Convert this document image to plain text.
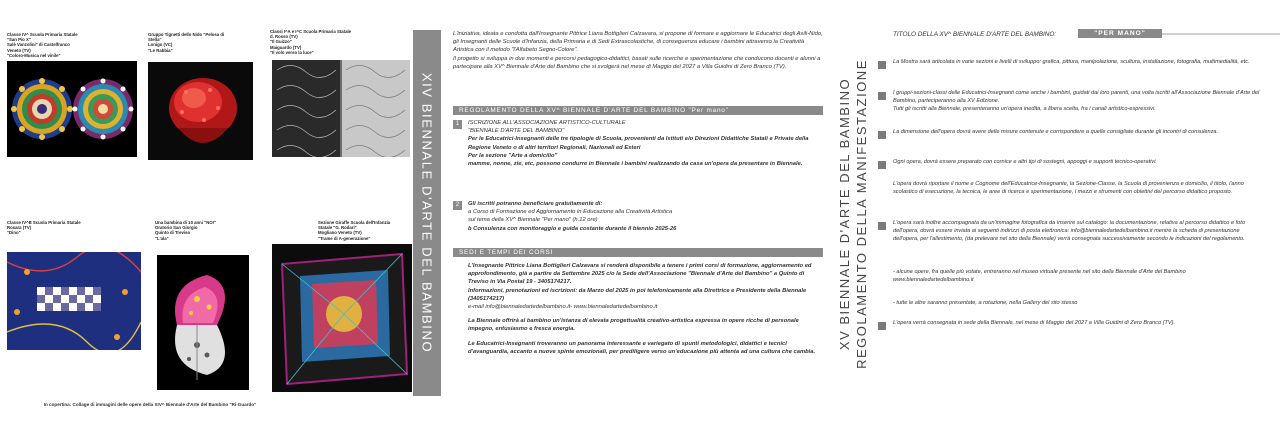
Classe IV^ Scuola Primaria Statale
"San Pio X"
Salè Vanzolini" di Castelfranco
Veneto (TV)
"Coloro-Musica nel vinile"
Gruppo Tignetti dello Nido "Pelosa di
Stella"
Lonigo (VC)
"Le Rabbia"
Classi I^A e I^C Scuola Primaria Statale
d. Rosso (TV)
"Il Guizzo"
Maiguardo (TV)
"Il volo verso la luce"
Classe IV^B Scuola Primaria Statale
Rosara (TV)
"Dino"
Una bambina di 10 anni "NO!"
Oratorio San Giorgio
Quinto di Treviso
"L'ala"
Sezione Giraffe Scuola dell'Infanzia
Statale "G. Rodari"
Mogliano Veneto (TV)
"Trame di A-generazione"
In copertina: Collage di immagini delle opere della XIV^ Biennale d'Arte del Bambino "Ri-Guardo"
XIV BIENNALE D'ARTE DEL BAMBINO

L'iniziativa, ideata e condotta dall'Insegnante Pittrice Liana Bottiglieri Calzavara, si propone di formare e aggiornare le Educatrici degli Asili-Nido, gli Insegnanti delle Scuole d'Infanzia, della Primaria e di Sedi Extrascolastiche, di conseguenza educare i bambini attraverso la Creatività Artistica con il metodo "l'Alfabeto Segno-Colore".

Il progetto si sviluppa in due momenti e percorsi pedagogico-didattici, basati sulle ricerche e sperimentazione che conducono docenti e alunni a partecipare alla XV^ Biennale d'Arte del Bambino che si svolgerà nel mese di Maggio del 2027 a Villa Guidini di Zero Branco (TV).

REGOLAMENTO DELLA XV^ BIENNALE D'ARTE DEL BAMBINO "Per mano"
1	ISCRIZIONE ALL'ASSOCIAZIONE ARTISTICO-CULTURALE
"BIENNALE D'ARTE DEL BAMBINO"
Per le Educatrici-Insegnanti delle tre tipologie di Scuola, provenienti da Istituti e/o Direzioni Didattiche Statali e Private della Regione Veneto o di altri territori Regionali, Nazionali ed Esteri
Per la sezione "Arte a domicilio"
mamme, nonne, zie, etc, possono condurre in Biennale i bambini realizzando da casa un'opera da presentare in Biennale.
2	Gli iscritti potranno beneficiare gratuitamente di:
a Corso di Formazione ed Aggiornamento in Educazione alla Creatività Artistica
sul tema della XV^ Biennale "Per mano" (h.12 ore)
b Consulenza con monitoraggio e guida costante durante il biennio 2025-26
SEDI E TEMPI DEI CORSI
L'Insegnante Pittrice Liana Bottiglieri Calzavara si renderà disponibile a tenere i primi corsi di formazione, aggiornamento ed approfondimento, già a partire da Settembre 2025 c/o la Sede dell'Associazione "Biennale d'Arte del Bambino" a Quinto di Treviso in Via Postal 19 - 3405174217.
Informazioni, prenotazioni ed iscrizioni: da Marzo del 2025 in poi telefonicamente alla Direttrice e Presidente della Biennale (3405174217)
e-mail info@biennaledartedelbambino.it- www.biennaledartedelbambino.it
La Biennale offrirà al bambino un'istanza di elevata progettualità creativo-artistica espressa in opere ricche di personale impegno, entusiasmo e fresca energia.
Le Educatrici-Insegnanti troveranno un panorama interessante e variegato di spunti metodologici, didattici e tecnici d'avanguardia, accanto a nuove spinte emozionali, per prediligere verso un'educazione più attenta ad una cultura che cambia.
XV BIENNALE D'ARTE DEL BAMBINO REGOLAMENTO DELLA MANIFESTAZIONE
TITOLO DELLA XV^ BIENNALE D'ARTE DEL BAMBINO:	"PER MANO"
La Mostra sarà articolata in varie sezioni e livelli di sviluppo: grafica, pittura, manipolazione, scultura, installazione, fotografia, multimedialità, etc.
I gruppi-sezioni-classi delle Educatrici-Insegnanti come anche i bambini, guidati dai loro parenti, una volta iscritti all'Associazione Biennale d'Arte del Bambino, parteciperanno alla XV Edizione.
Tutti gli iscritti alla Biennale, presenteranno un'opera inedita, a libera scelta, fra i canali artistico-espressivi.
La dimensione dell'opera dovrà avere delle misure contenute e corrispondere a quelle consigliate durante gli incontri di consulenza.
Ogni opera, dovrà essere preparato con cornice e altri tipi di sostegni, appoggi e supporti tecnico-operativi.
L'opera dovrà riportare il nome e Cognome dell'Educatrice-Insegnante, la Sezione-Classe, la Scuola di provenienza e domicilio, il titolo, l'anno scolastico di esecuzione, la tecnica, le aree di ricerca e sperimentazione, i mezzi e strumenti con obiettivi del percorso didattico proposto.
L'opera sarà inoltre accompagnata da un'immagine fotografica da inserire sul catalogo: la documentazione, relativa al percorso didattico e foto dell'opera, dovrà essere inviata ai seguenti indirizzi di posta elettronica: info@biennaledartedelbambino.it mentre la scheda di presentazione dell'opera, per l'allestimento, (da prelevare nel sito della Biennale) verrà consegnata successivamente secondo le indicazioni del regolamento.
- alcune opere, fra quelle più votate, entreranno nel museo virtuale presente nel sito della Biennale d'Arte del Bambino www.biennaledartedelbambino.it
- tutte le altre saranno presentate, a rotazione, nella Gallery del sito stesso
L'opera verrà consegnata in sede della Biennale, nel mese di Maggio del 2027 a Villa Guidini di Zero Branco (TV).
